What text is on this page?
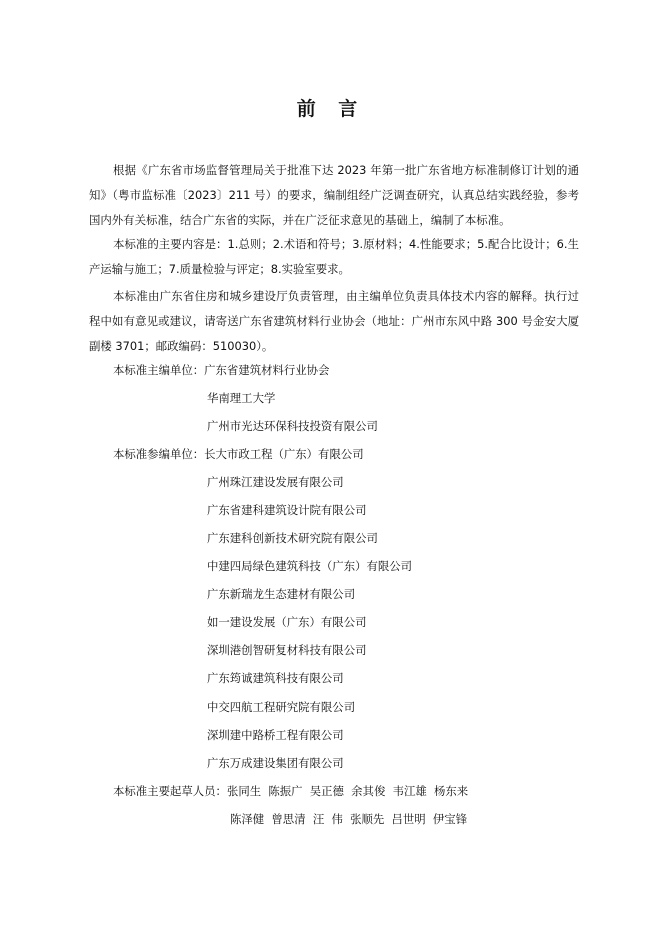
前 言

根据《广东省市场监督管理局关于批准下达 2023 年第一批广东省地方标准制修订计划的通知》（粤市监标准〔2023〕211 号）的要求，编制组经广泛调查研究，认真总结实践经验，参考国内外有关标准，结合广东省的实际，并在广泛征求意见的基础上，编制了本标准。

本标准的主要内容是：1.总则；2.术语和符号；3.原材料；4.性能要求；5.配合比设计；6.生产运输与施工；7.质量检验与评定；8.实验室要求。

本标准由广东省住房和城乡建设厅负责管理，由主编单位负责具体技术内容的解释。执行过程中如有意见或建议，请寄送广东省建筑材料行业协会（地址：广州市东风中路 300 号金安大厦副楼 3701；邮政编码：510030）。

本标准主编单位：广东省建筑材料行业协会
华南理工大学
广州市光达环保科技投资有限公司
本标准参编单位：长大市政工程（广东）有限公司
广州珠江建设发展有限公司
广东省建科建筑设计院有限公司
广东建科创新技术研究院有限公司
中建四局绿色建筑科技（广东）有限公司
广东新瑞龙生态建材有限公司
如一建设发展（广东）有限公司
深圳港创智研复材科技有限公司
广东筠诚建筑科技有限公司
中交四航工程研究院有限公司
深圳建中路桥工程有限公司
广东万成建设集团有限公司
本标准主要起草人员：张同生  陈振广  吴正德  余其俊  韦江雄  杨东来
陈泽健  曾思清  汪  伟  张顺先  吕世明  伊宝锋
